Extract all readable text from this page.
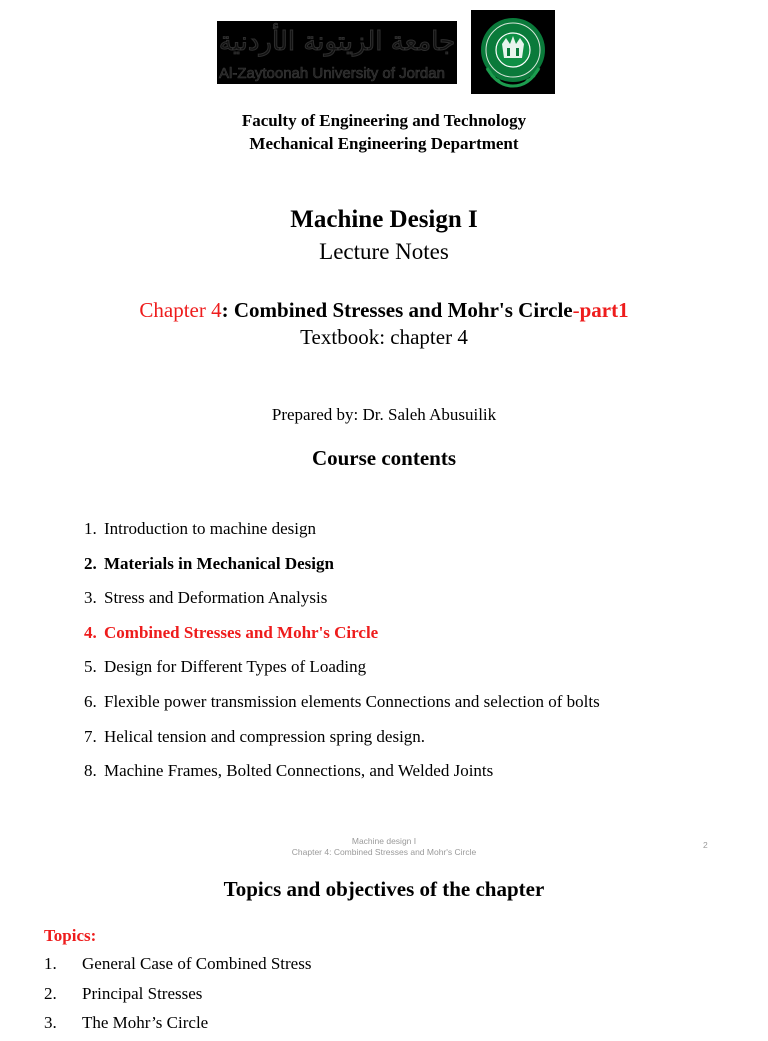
جامعة الزيتونة الأردنية
Al-Zaytoonah University of Jordan
Faculty of Engineering and Technology
Mechanical Engineering Department
Machine Design I
Lecture Notes
Chapter 4: Combined Stresses and Mohr's Circle-part1
Textbook: chapter 4
Prepared by: Dr. Saleh Abusuilik
Course contents
1. Introduction to machine design
2. Materials in Mechanical Design
3. Stress and Deformation Analysis
4. Combined Stresses and Mohr's Circle
5. Design for Different Types of Loading
6. Flexible power transmission elements Connections and selection of bolts
7. Helical tension and compression spring design.
8. Machine Frames, Bolted Connections, and Welded Joints
Machine design I
Chapter 4: Combined Stresses and Mohr's Circle
2
Topics and objectives of the chapter
Topics:
1. General Case of Combined Stress
2. Principal Stresses
3. The Mohr’s Circle
